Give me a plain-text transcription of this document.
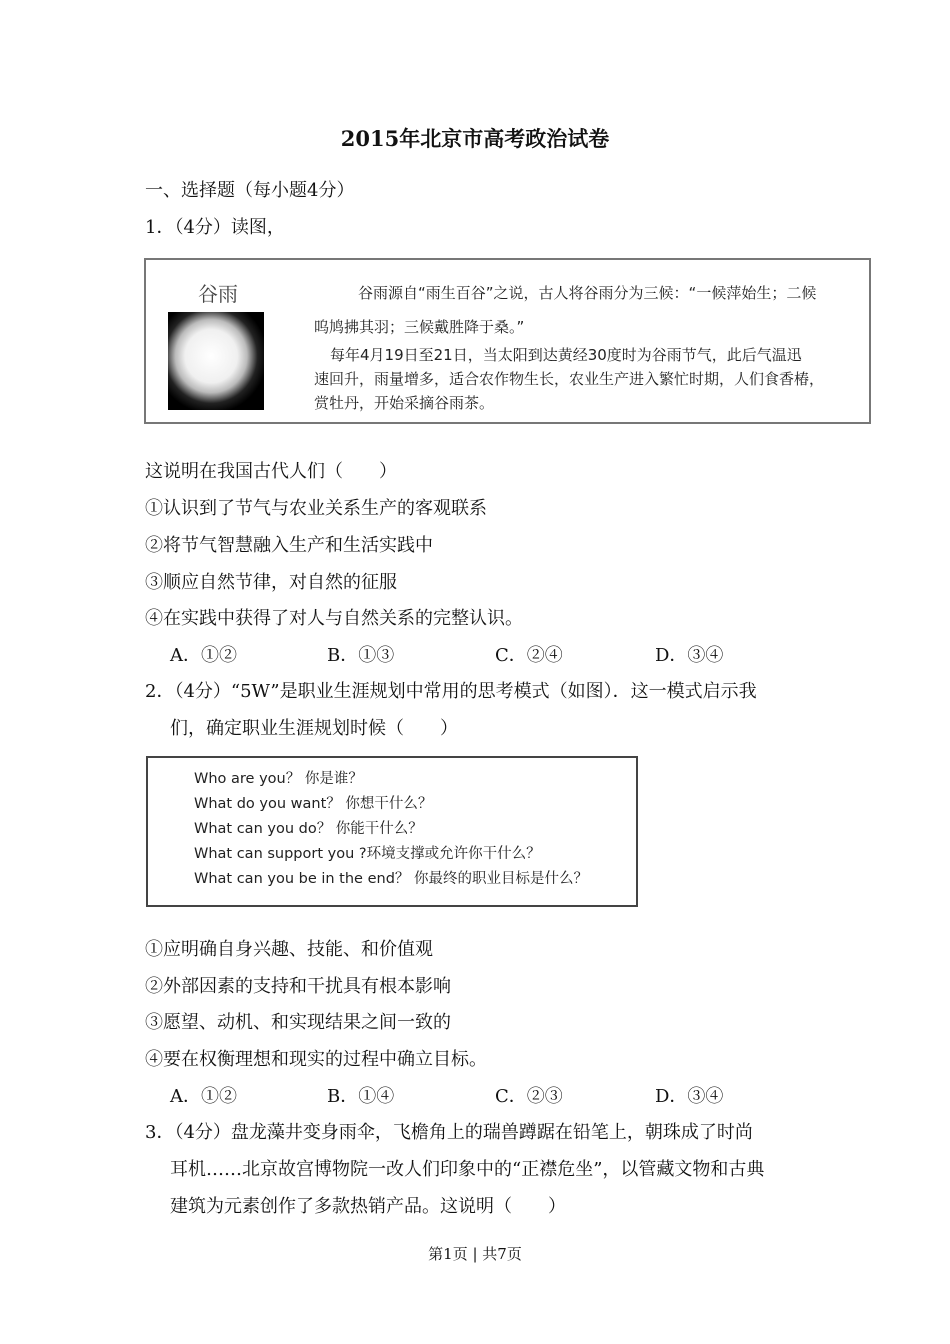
2015年北京市高考政治试卷
一、选择题（每小题4分）
1．（4分）读图，
谷雨	谷雨源自“雨生百谷”之说，古人将谷雨分为三候：“一候萍始生；二候
呜鸠拂其羽；三候戴胜降于桑。”
每年4月19日至21日，当太阳到达黄经30度时为谷雨节气，此后气温迅
速回升，雨量增多，适合农作物生长，农业生产进入繁忙时期，人们食香椿，
赏牡丹，开始采摘谷雨茶。
这说明在我国古代人们（　　）
①认识到了节气与农业关系生产的客观联系
②将节气智慧融入生产和生活实践中
③顺应自然节律，对自然的征服
④在实践中获得了对人与自然关系的完整认识。
A．①②	B．①③	C．②④	D．③④
2．（4分）“5W”是职业生涯规划中常用的思考模式（如图）．这一模式启示我
们，确定职业生涯规划时候（　　）
Who are you？ 你是谁？
What do you want？ 你想干什么？
What can you do？ 你能干什么？
What can support you ?环境支撑或允许你干什么？
What can you be in the end？ 你最终的职业目标是什么？
①应明确自身兴趣、技能、和价值观
②外部因素的支持和干扰具有根本影响
③愿望、动机、和实现结果之间一致的
④要在权衡理想和现实的过程中确立目标。
A．①②	B．①④	C．②③	D．③④
3．（4分）盘龙藻井变身雨伞，飞檐角上的瑞兽蹲踞在铅笔上，朝珠成了时尚
耳机……北京故宫博物院一改人们印象中的“正襟危坐”，以管藏文物和古典
建筑为元素创作了多款热销产品。这说明（　　）
第1页 | 共7页
